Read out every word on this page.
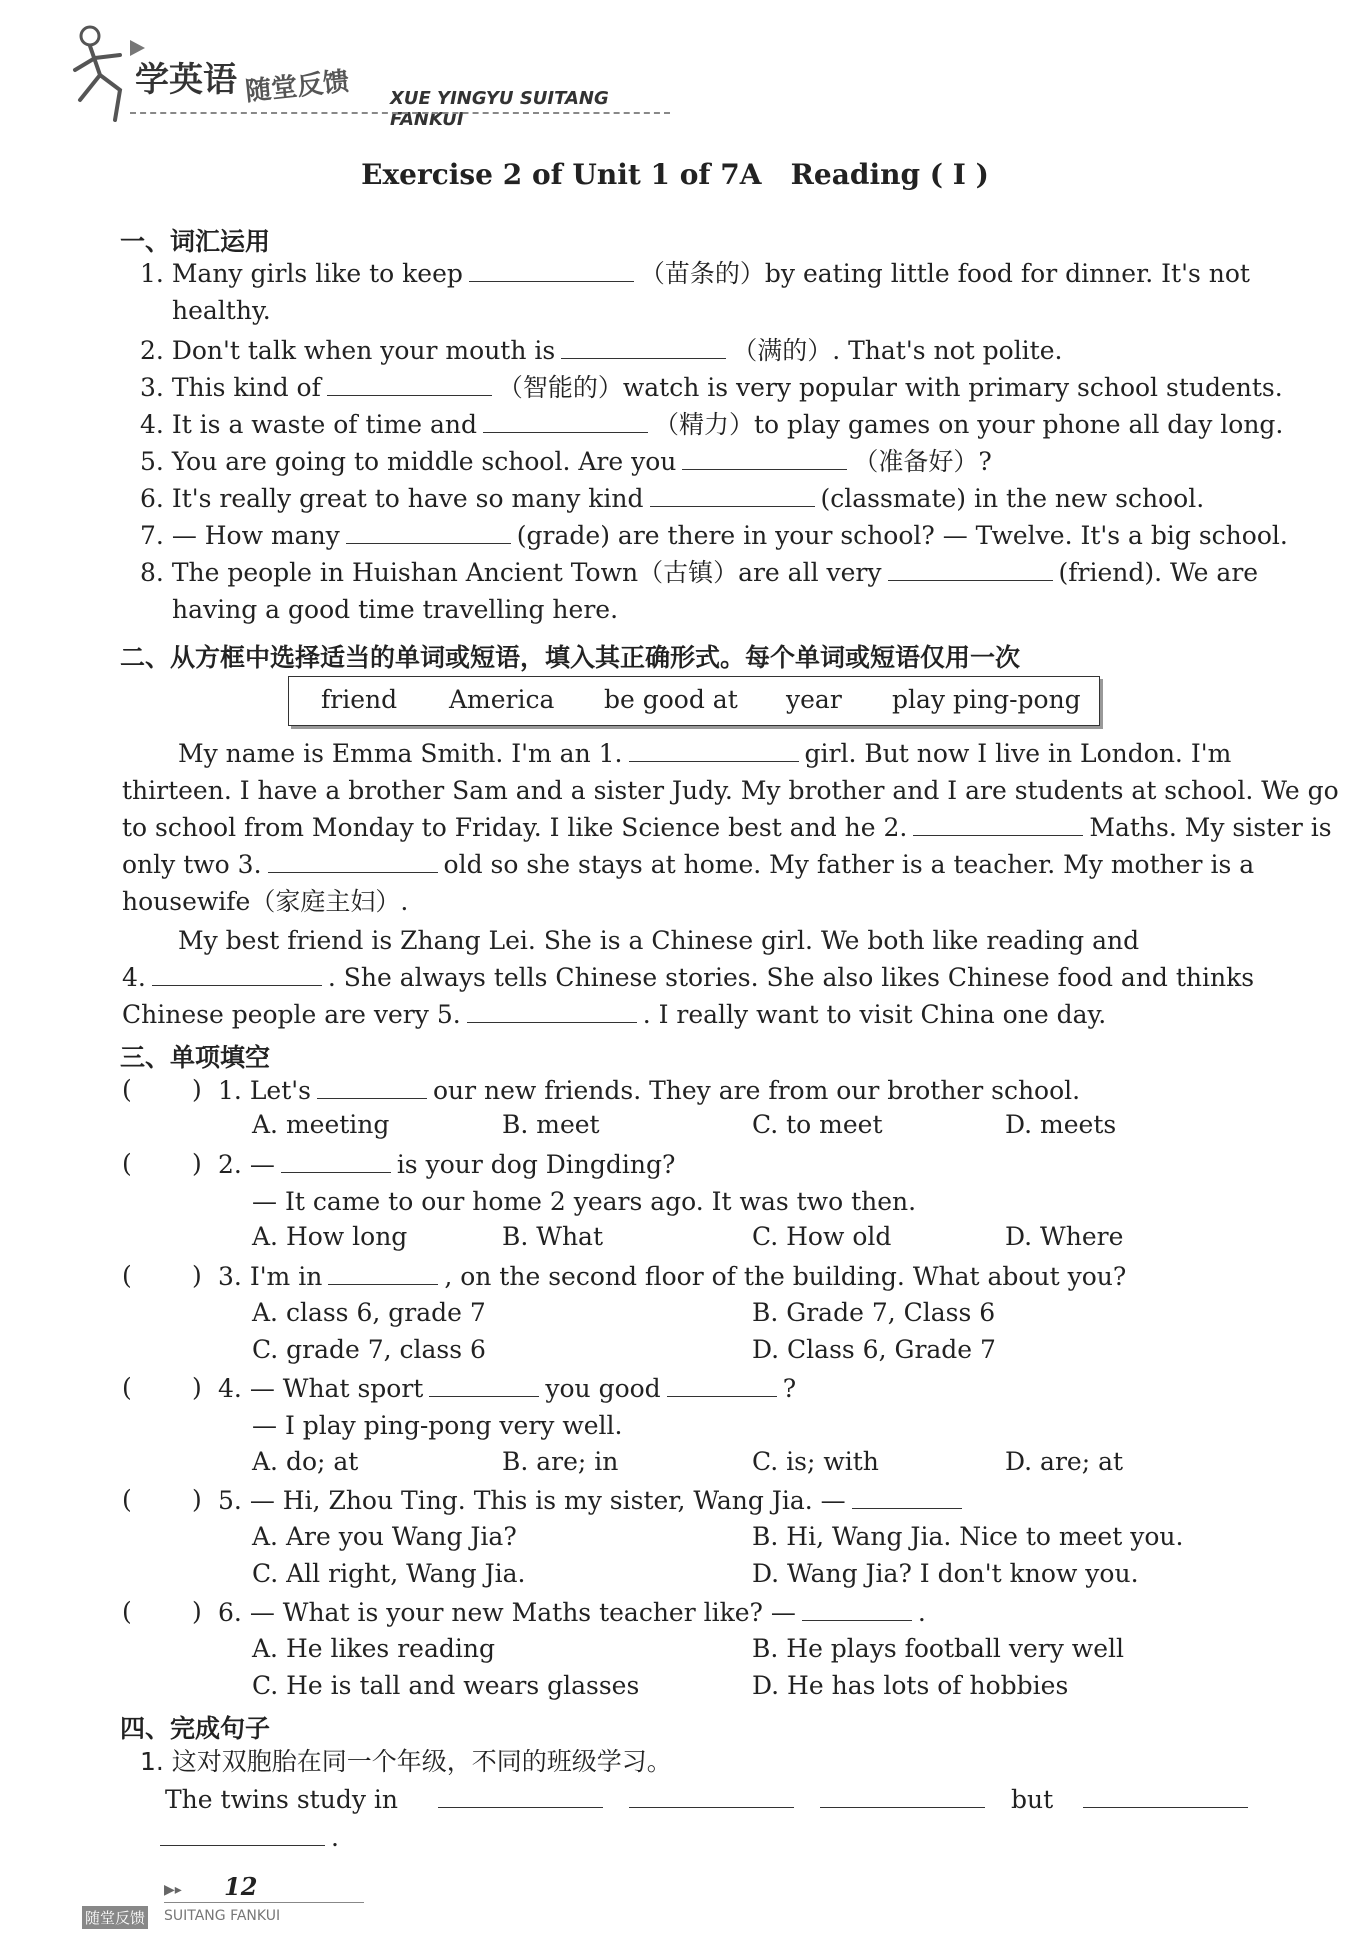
学英语 随堂反馈 XUE YINGYU SUITANG FANKUI
Exercise 2 of Unit 1 of 7A   Reading ( Ⅰ )
一、词汇运用
1. Many girls like to keep	（苗条的）by eating little food for dinner. It's not
healthy.
2. Don't talk when your mouth is	（满的）. That's not polite.
3. This kind of	（智能的）watch is very popular with primary school students.
4. It is a waste of time and	（精力）to play games on your phone all day long.
5. You are going to middle school. Are you	（准备好）?
6. It's really great to have so many kind	(classmate) in the new school.
7. — How many	(grade) are there in your school? — Twelve. It's a big school.
8. The people in Huishan Ancient Town（古镇）are all very	(friend). We are
having a good time travelling here.
二、从方框中选择适当的单词或短语，填入其正确形式。每个单词或短语仅用一次
friend America be good at year play ping-pong
My name is Emma Smith. I'm an 1.	girl. But now I live in London. I'm
thirteen. I have a brother Sam and a sister Judy. My brother and I are students at school. We go
to school from Monday to Friday. I like Science best and he 2.	Maths. My sister is
only two 3.	old so she stays at home. My father is a teacher. My mother is a
housewife（家庭主妇）.
My best friend is Zhang Lei. She is a Chinese girl. We both like reading and
4.	. She always tells Chinese stories. She also likes Chinese food and thinks
Chinese people are very 5.	. I really want to visit China one day.
三、单项填空
( ) 1. Let's	our new friends. They are from our brother school.
A. meeting	B. meet	C. to meet	D. meets
( ) 2. —	is your dog Dingding?
— It came to our home 2 years ago. It was two then.
A. How long	B. What	C. How old	D. Where
( ) 3. I'm in	, on the second floor of the building. What about you?
A. class 6, grade 7	B. Grade 7, Class 6
C. grade 7, class 6	D. Class 6, Grade 7
( ) 4. — What sport	you good	?
— I play ping-pong very well.
A. do; at	B. are; in	C. is; with	D. are; at
( ) 5. — Hi, Zhou Ting. This is my sister, Wang Jia. —
A. Are you Wang Jia?	B. Hi, Wang Jia. Nice to meet you.
C. All right, Wang Jia.	D. Wang Jia? I don't know you.
( ) 6. — What is your new Maths teacher like? —	.
A. He likes reading	B. He plays football very well
C. He is tall and wears glasses	D. He has lots of hobbies
四、完成句子
1. 这对双胞胎在同一个年级，不同的班级学习。
The twins study in	but
.
▶▸ 12
随堂反馈 SUITANG FANKUI
